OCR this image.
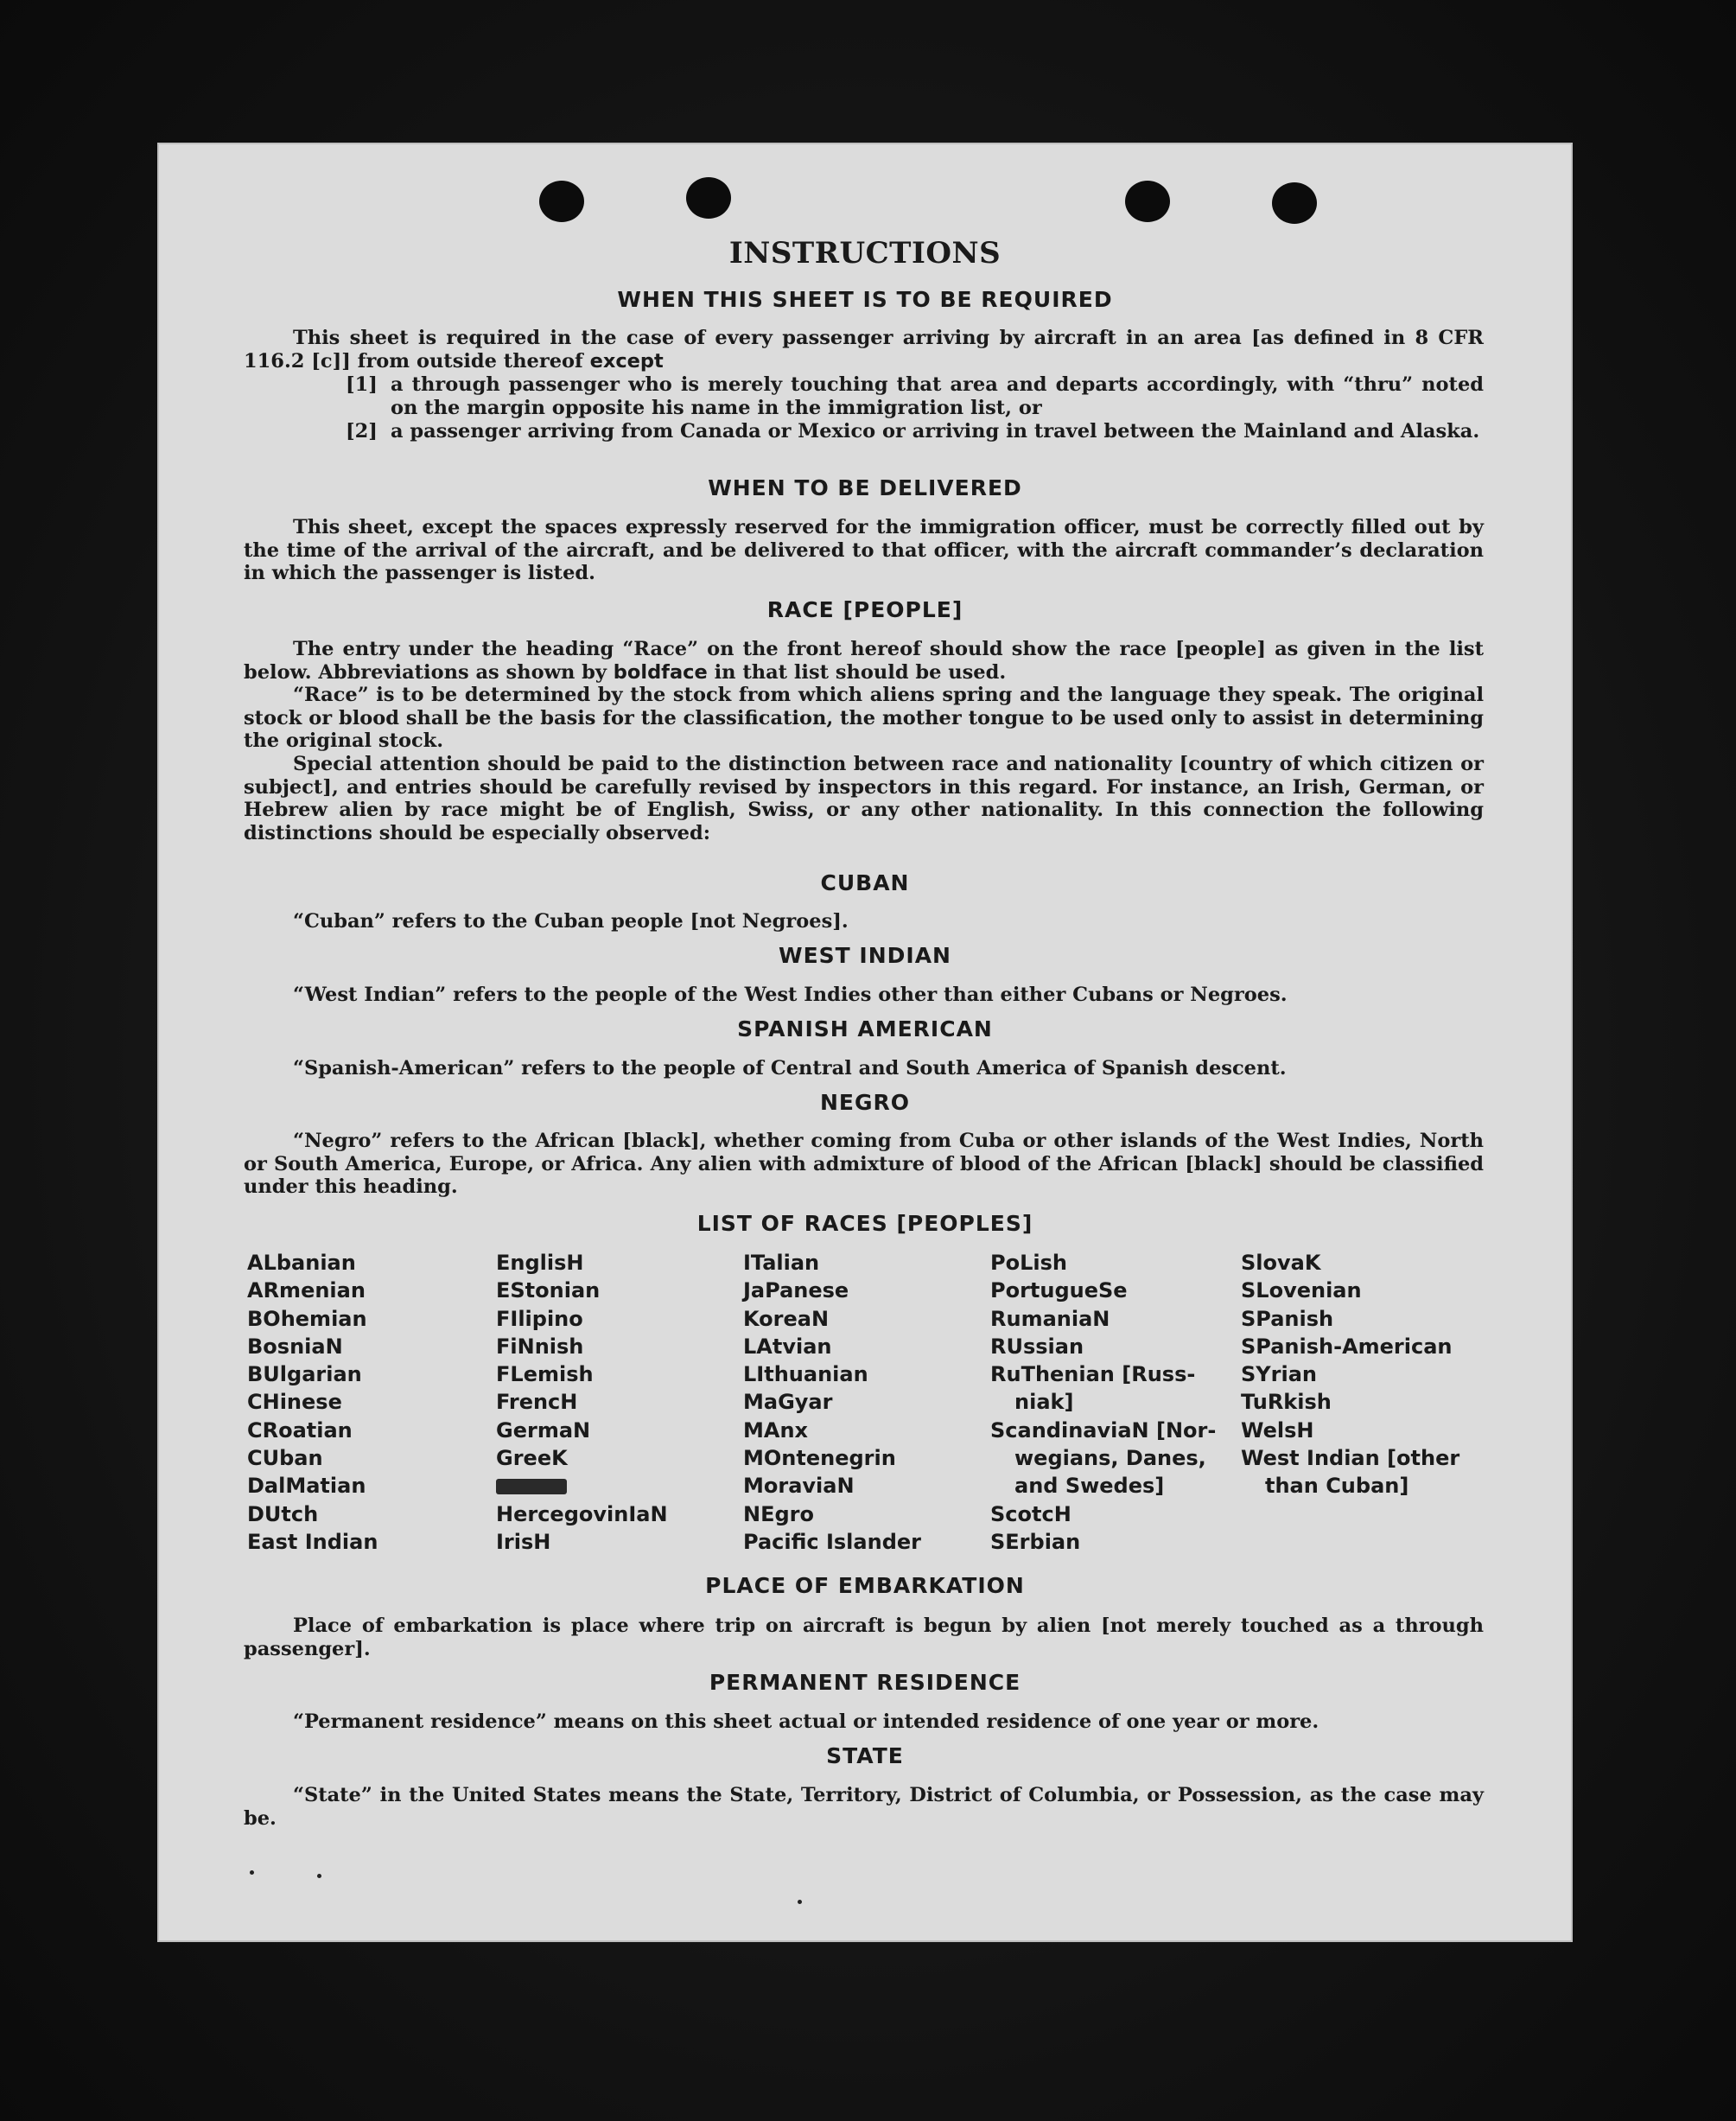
INSTRUCTIONS
WHEN THIS SHEET IS TO BE REQUIRED
This sheet is required in the case of every passenger arriving by aircraft in an area [as defined in 8 CFR 116.2 [c]] from outside thereof except
[1] a through passenger who is merely touching that area and departs accordingly, with “thru” noted on the margin opposite his name in the immigration list, or
[2] a passenger arriving from Canada or Mexico or arriving in travel between the Mainland and Alaska.
WHEN TO BE DELIVERED
This sheet, except the spaces expressly reserved for the immigration officer, must be correctly filled out by the time of the arrival of the aircraft, and be delivered to that officer, with the aircraft commander’s declaration in which the passenger is listed.
RACE [PEOPLE]
The entry under the heading “Race” on the front hereof should show the race [people] as given in the list below. Abbreviations as shown by boldface in that list should be used.
“Race” is to be determined by the stock from which aliens spring and the language they speak. The original stock or blood shall be the basis for the classification, the mother tongue to be used only to assist in determining the original stock.
Special attention should be paid to the distinction between race and nationality [country of which citizen or subject], and entries should be carefully revised by inspectors in this regard. For instance, an Irish, German, or Hebrew alien by race might be of English, Swiss, or any other nationality. In this connection the following distinctions should be especially observed:
CUBAN
“Cuban” refers to the Cuban people [not Negroes].
WEST INDIAN
“West Indian” refers to the people of the West Indies other than either Cubans or Negroes.
SPANISH AMERICAN
“Spanish-American” refers to the people of Central and South America of Spanish descent.
NEGRO
“Negro” refers to the African [black], whether coming from Cuba or other islands of the West Indies, North or South America, Europe, or Africa. Any alien with admixture of blood of the African [black] should be classified under this heading.
LIST OF RACES [PEOPLES]
ALbanian
ARmenian
BOhemian
BosniaN
BUlgarian
CHinese
CRoatian
CUban
DalMatian
DUtch
East Indian
EnglisH
EStonian
FIlipino
FiNnish
FLemish
FrencH
GermaN
GreeK
HercegovinIaN
IrisH
ITalian
JaPanese
KoreaN
LAtvian
LIthuanian
MaGyar
MAnx
MOntenegrin
MoraviaN
NEgro
Pacific Islander
PoLish
PortugueSe
RumaniaN
RUssian
RuThenian [Russ-
niak]
ScandinaviaN [Nor-
wegians, Danes,
and Swedes]
ScotcH
SErbian
SlovaK
SLovenian
SPanish
SPanish-American
SYrian
TuRkish
WelsH
West Indian [other
than Cuban]
PLACE OF EMBARKATION
Place of embarkation is place where trip on aircraft is begun by alien [not merely touched as a through passenger].
PERMANENT RESIDENCE
“Permanent residence” means on this sheet actual or intended residence of one year or more.
STATE
“State” in the United States means the State, Territory, District of Columbia, or Possession, as the case may be.
